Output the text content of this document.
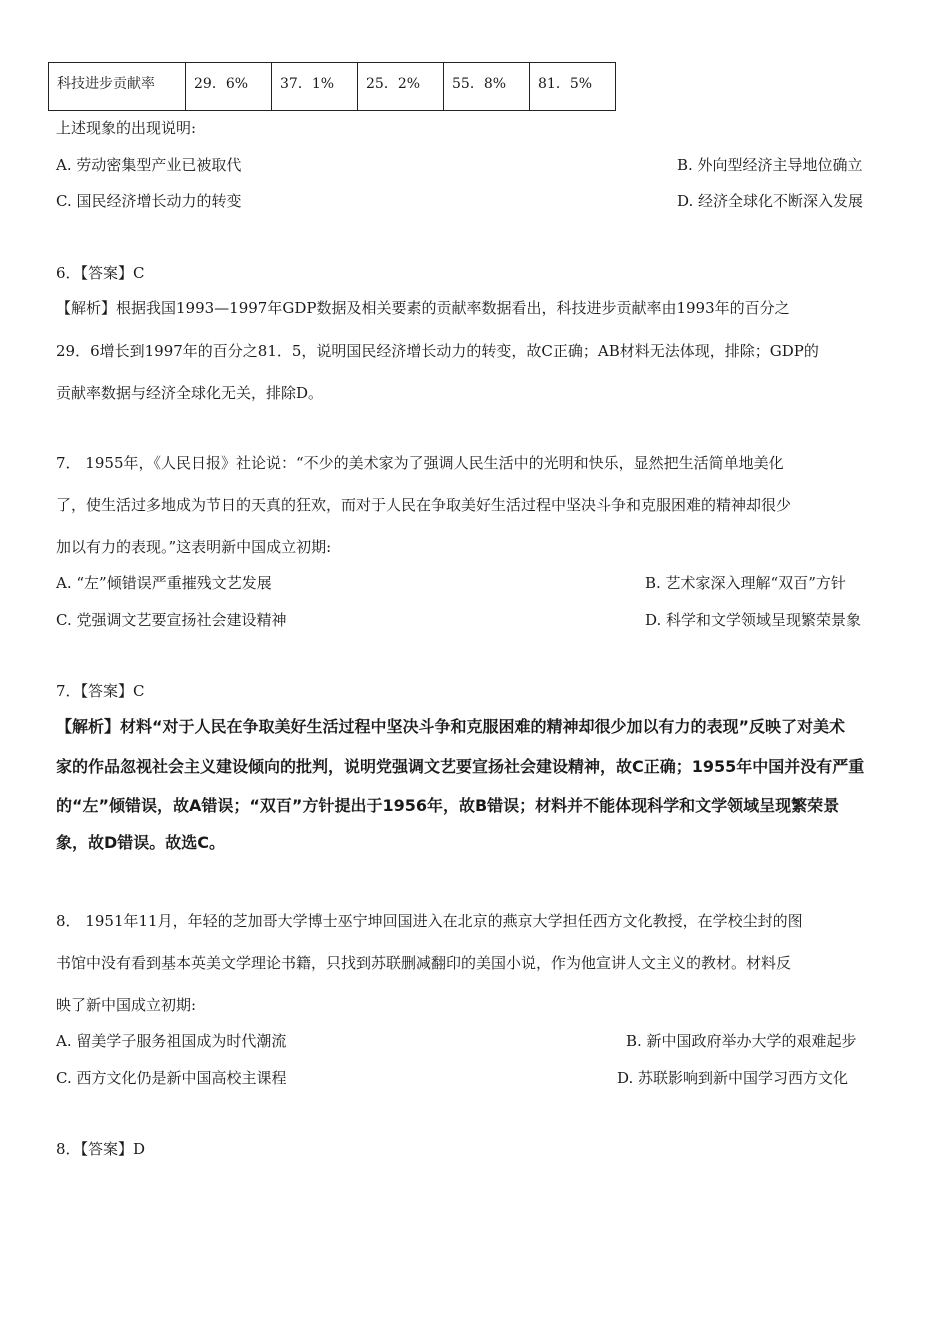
科技进步贡献率	29．6%	37．1%	25．2%	55．8%	81．5%
上述现象的出现说明:
A. 劳动密集型产业已被取代	B. 外向型经济主导地位确立
C. 国民经济增长动力的转变	D. 经济全球化不断深入发展
6．【答案】C
【解析】根据我国1993—1997年GDP数据及相关要素的贡献率数据看出，科技进步贡献率由1993年的百分之
29．6增长到1997年的百分之81．5，说明国民经济增长动力的转变，故C正确；AB材料无法体现，排除；GDP的
贡献率数据与经济全球化无关，排除D。
7． 1955年，《人民日报》社论说：“不少的美术家为了强调人民生活中的光明和快乐，显然把生活简单地美化
了，使生活过多地成为节日的天真的狂欢，而对于人民在争取美好生活过程中坚决斗争和克服困难的精神却很少
加以有力的表现。”这表明新中国成立初期:
A. “左”倾错误严重摧残文艺发展	B. 艺术家深入理解“双百”方针
C. 党强调文艺要宣扬社会建设精神	D. 科学和文学领域呈现繁荣景象
7．【答案】C
【解析】材料“对于人民在争取美好生活过程中坚决斗争和克服困难的精神却很少加以有力的表现”反映了对美术
家的作品忽视社会主义建设倾向的批判，说明党强调文艺要宣扬社会建设精神，故C正确；1955年中国并没有严重
的“左”倾错误，故A错误；“双百”方针提出于1956年，故B错误；材料并不能体现科学和文学领域呈现繁荣景
象，故D错误。故选C。
8． 1951年11月，年轻的芝加哥大学博士巫宁坤回国进入在北京的燕京大学担任西方文化教授，在学校尘封的图
书馆中没有看到基本英美文学理论书籍，只找到苏联删减翻印的美国小说，作为他宣讲人文主义的教材。材料反
映了新中国成立初期:
A. 留美学子服务祖国成为时代潮流	B. 新中国政府举办大学的艰难起步
C. 西方文化仍是新中国高校主课程	D. 苏联影响到新中国学习西方文化
8．【答案】D
